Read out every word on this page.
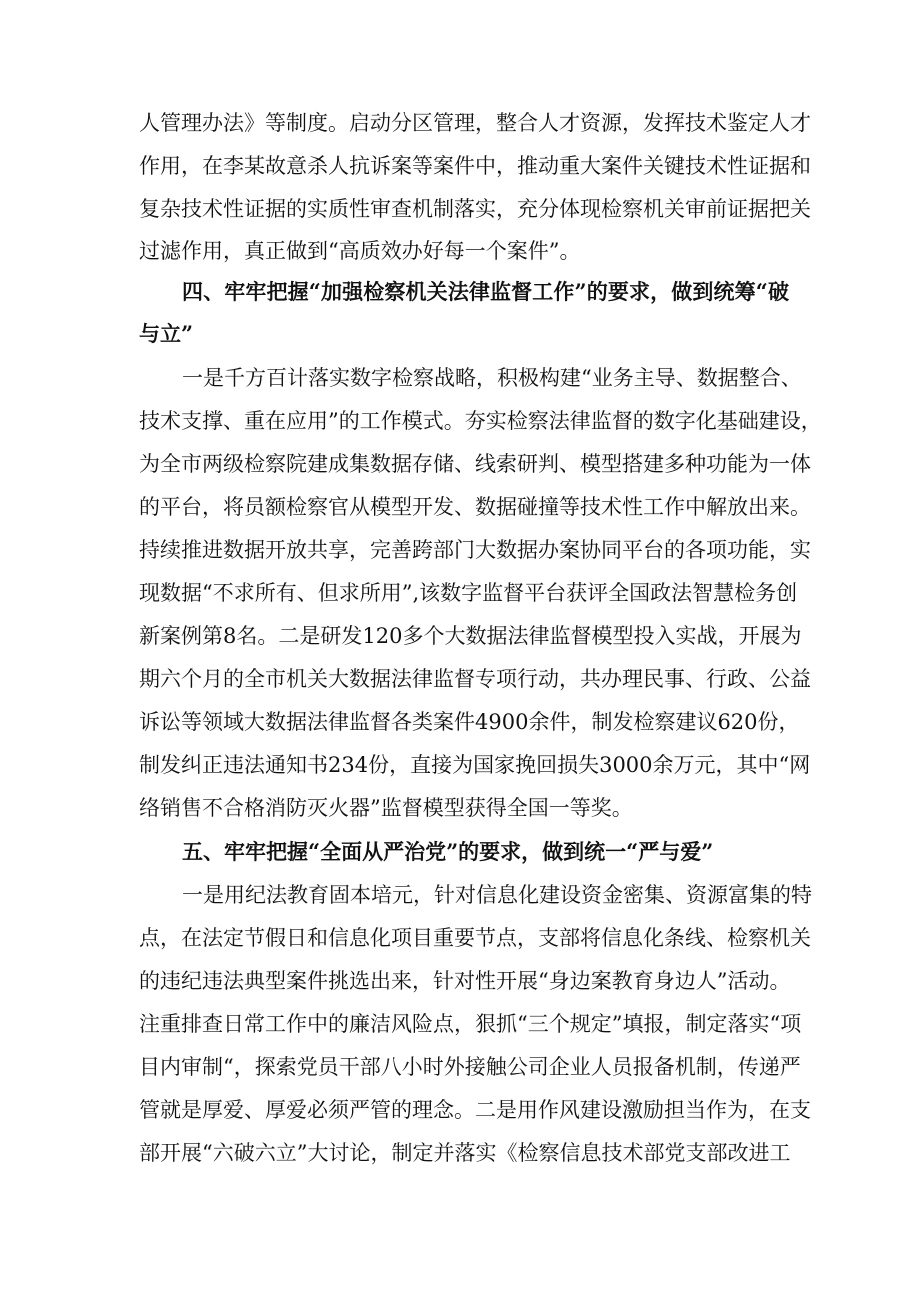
人管理办法》等制度。启动分区管理，整合人才资源，发挥技术鉴定人才
作用，在李某故意杀人抗诉案等案件中，推动重大案件关键技术性证据和
复杂技术性证据的实质性审查机制落实，充分体现检察机关审前证据把关
过滤作用，真正做到“高质效办好每一个案件”。
四、牢牢把握“加强检察机关法律监督工作”的要求，做到统筹“破
与立”
一是千方百计落实数字检察战略，积极构建“业务主导、数据整合、
技术支撑、重在应用”的工作模式。夯实检察法律监督的数字化基础建设，
为全市两级检察院建成集数据存储、线索研判、模型搭建多种功能为一体
的平台，将员额检察官从模型开发、数据碰撞等技术性工作中解放出来。
持续推进数据开放共享，完善跨部门大数据办案协同平台的各项功能，实
现数据“不求所有、但求所用”,该数字监督平台获评全国政法智慧检务创
新案例第8名。二是研发120多个大数据法律监督模型投入实战，开展为
期六个月的全市机关大数据法律监督专项行动，共办理民事、行政、公益
诉讼等领域大数据法律监督各类案件4900余件，制发检察建议620份，
制发纠正违法通知书234份，直接为国家挽回损失3000余万元，其中“网
络销售不合格消防灭火器”监督模型获得全国一等奖。
五、牢牢把握“全面从严治党”的要求，做到统一“严与爱”
一是用纪法教育固本培元，针对信息化建设资金密集、资源富集的特
点，在法定节假日和信息化项目重要节点，支部将信息化条线、检察机关
的违纪违法典型案件挑选出来，针对性开展“身边案教育身边人”活动。
注重排查日常工作中的廉洁风险点，狠抓“三个规定”填报，制定落实“项
目内审制“，探索党员干部八小时外接触公司企业人员报备机制，传递严
管就是厚爱、厚爱必须严管的理念。二是用作风建设激励担当作为，在支
部开展“六破六立”大讨论，制定并落实《检察信息技术部党支部改进工
